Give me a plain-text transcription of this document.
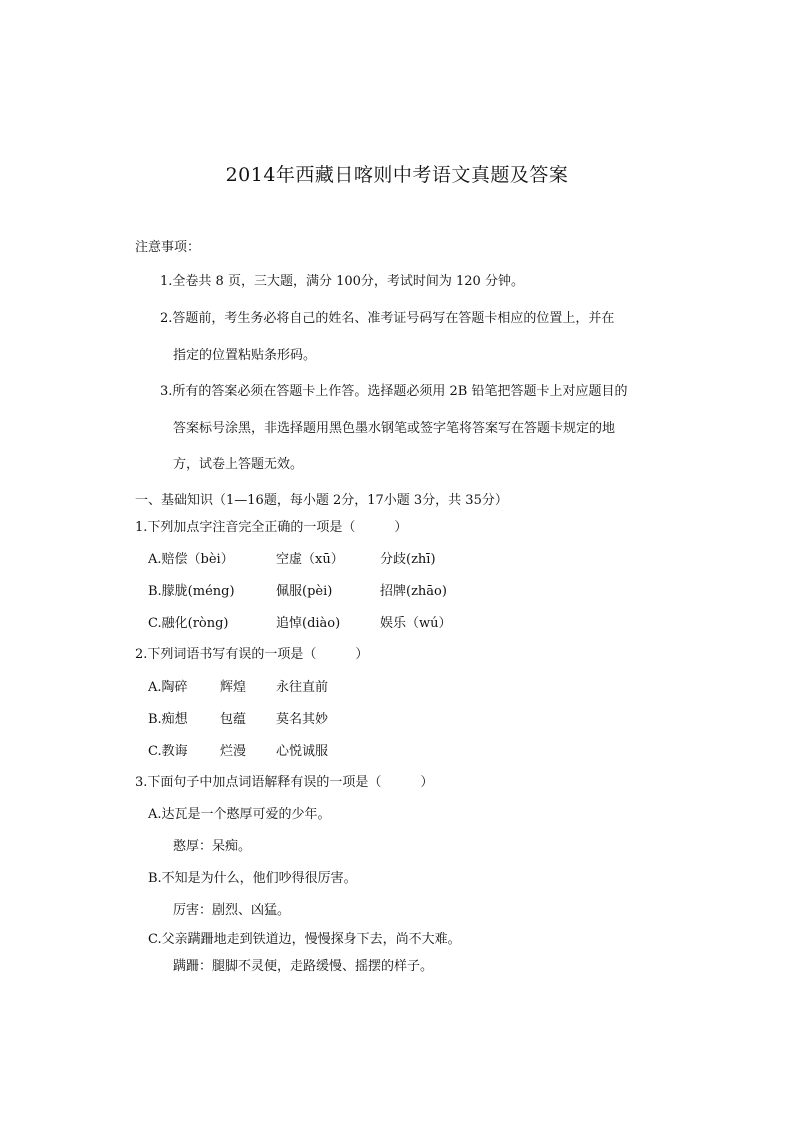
2014年西藏日喀则中考语文真题及答案
注意事项：
1.全卷共 8 页，三大题，满分 100分，考试时间为 120 分钟。
2.答题前，考生务必将自己的姓名、准考证号码写在答题卡相应的位置上，并在
指定的位置粘贴条形码。
3.所有的答案必须在答题卡上作答。选择题必须用 2B 铅笔把答题卡上对应题目的
答案标号涂黑，非选择题用黑色墨水钢笔或签字笔将答案写在答题卡规定的地
方，试卷上答题无效。
一、基础知识（1—16题，每小题 2分，17小题 3分，共 35分）
1.下列加点字注音完全正确的一项是（　　　）
A.赔偿（bèi）	空虚（xū）	分歧(zhī)
B.朦胧(méng)	佩服(pèi)	招牌(zhāo)
C.融化(ròng)	追悼(diào)	娱乐（wú）
2.下列词语书写有误的一项是（　　　）
A.陶碎 辉煌 永往直前
B.痴想 包蕴 莫名其妙
C.教诲 烂漫 心悦诚服
3.下面句子中加点词语解释有误的一项是（　　　）
A.达瓦是一个憨厚可爱的少年。
憨厚：呆痴。
B.不知是为什么，他们吵得很厉害。
厉害：剧烈、凶猛。
C.父亲蹒跚地走到铁道边，慢慢探身下去，尚不大难。
蹒跚：腿脚不灵便，走路缓慢、摇摆的样子。
